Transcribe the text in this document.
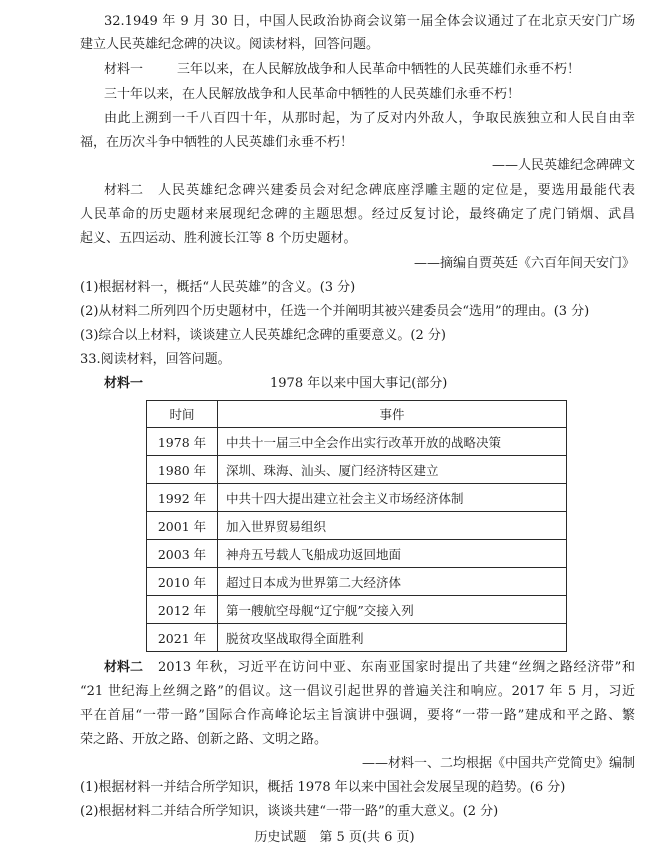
32.1949 年 9 月 30 日，中国人民政治协商会议第一届全体会议通过了在北京天安门广场
建立人民英雄纪念碑的决议。阅读材料，回答问题。
材料一	三年以来，在人民解放战争和人民革命中牺牲的人民英雄们永垂不朽！
三十年以来，在人民解放战争和人民革命中牺牲的人民英雄们永垂不朽！
由此上溯到一千八百四十年，从那时起，为了反对内外敌人，争取民族独立和人民自由幸
福，在历次斗争中牺牲的人民英雄们永垂不朽！
——人民英雄纪念碑碑文
材料二 人民英雄纪念碑兴建委员会对纪念碑底座浮雕主题的定位是，要选用最能代表
人民革命的历史题材来展现纪念碑的主题思想。经过反复讨论，最终确定了虎门销烟、武昌
起义、五四运动、胜利渡长江等 8 个历史题材。
——摘编自贾英廷《六百年间天安门》
(1)根据材料一，概括“人民英雄”的含义。(3 分)
(2)从材料二所列四个历史题材中，任选一个并阐明其被兴建委员会“选用”的理由。(3 分)
(3)综合以上材料，谈谈建立人民英雄纪念碑的重要意义。(2 分)
33.阅读材料，回答问题。
材料一	1978 年以来中国大事记(部分)
时间	事件
1978 年	中共十一届三中全会作出实行改革开放的战略决策
1980 年	深圳、珠海、汕头、厦门经济特区建立
1992 年	中共十四大提出建立社会主义市场经济体制
2001 年	加入世界贸易组织
2003 年	神舟五号载人飞船成功返回地面
2010 年	超过日本成为世界第二大经济体
2012 年	第一艘航空母舰“辽宁舰”交接入列
2021 年	脱贫攻坚战取得全面胜利
材料二 2013 年秋，习近平在访问中亚、东南亚国家时提出了共建“丝绸之路经济带”和
“21 世纪海上丝绸之路”的倡议。这一倡议引起世界的普遍关注和响应。2017 年 5 月，习近
平在首届“一带一路”国际合作高峰论坛主旨演讲中强调，要将“一带一路”建成和平之路、繁
荣之路、开放之路、创新之路、文明之路。
——材料一、二均根据《中国共产党简史》编制
(1)根据材料一并结合所学知识，概括 1978 年以来中国社会发展呈现的趋势。(6 分)
(2)根据材料二并结合所学知识，谈谈共建“一带一路”的重大意义。(2 分)
历史试题　第 5 页(共 6 页)
